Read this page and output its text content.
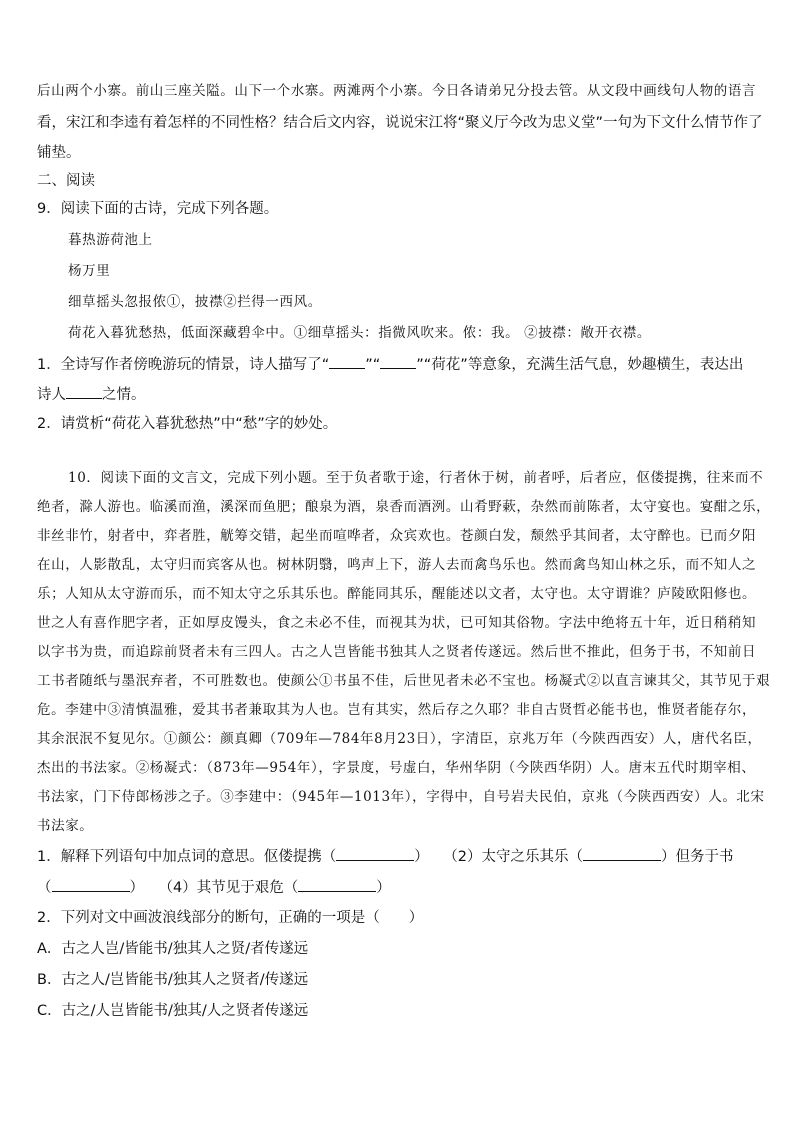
后山两个小寨。前山三座关隘。山下一个水寨。两滩两个小寨。今日各请弟兄分投去管。从文段中画线句人物的语言
看，宋江和李逵有着怎样的不同性格？结合后文内容，说说宋江将“聚义厅今改为忠义堂”一句为下文什么情节作了
铺垫。
二、阅读
9．阅读下面的古诗，完成下列各题。
暮热游荷池上
杨万里
细草摇头忽报侬①，披襟②拦得一西风。
荷花入暮犹愁热，低面深藏碧伞中。①细草摇头：指微风吹来。侬：我。 ②披襟：敞开衣襟。
1．全诗写作者傍晚游玩的情景，诗人描写了“ ”“ ”“荷花”等意象，充满生活气息，妙趣横生，表达出
诗人 之情。
2．请赏析“荷花入暮犹愁热”中“愁”字的妙处。
10．阅读下面的文言文，完成下列小题。至于负者歌于途，行者休于树，前者呼，后者应，伛偻提携，往来而不
绝者，滁人游也。临溪而渔，溪深而鱼肥；酿泉为酒，泉香而酒洌。山肴野蔌，杂然而前陈者，太守宴也。宴酣之乐，
非丝非竹，射者中，弈者胜，觥筹交错，起坐而喧哗者，众宾欢也。苍颜白发，颓然乎其间者，太守醉也。已而夕阳
在山，人影散乱，太守归而宾客从也。树林阴翳，鸣声上下，游人去而禽鸟乐也。然而禽鸟知山林之乐，而不知人之
乐；人知从太守游而乐，而不知太守之乐其乐也。醉能同其乐，醒能述以文者，太守也。太守谓谁？庐陵欧阳修也。
世之人有喜作肥字者，正如厚皮馒头，食之未必不佳，而视其为状，已可知其俗物。字法中绝将五十年，近日稍稍知
以字书为贵，而追踪前贤者未有三四人。古之人岂皆能书独其人之贤者传遂远。然后世不推此，但务于书，不知前日
工书者随纸与墨泯弃者，不可胜数也。使颜公①书虽不佳，后世见者未必不宝也。杨凝式②以直言谏其父，其节见于艰
危。李建中③清慎温雅，爱其书者兼取其为人也。岂有其实，然后存之久耶？非自古贤哲必能书也，惟贤者能存尔，
其余泯泯不复见尔。①颜公：颜真卿（709年—784年8月23日），字清臣，京兆万年（今陕西西安）人，唐代名臣，
杰出的书法家。②杨凝式：（873年—954年），字景度，号虚白，华州华阴（今陕西华阴）人。唐末五代时期宰相、
书法家，门下侍郎杨涉之子。③李建中：（945年—1013年），字得中，自号岩夫民伯，京兆（今陕西西安）人。北宋
书法家。
1．解释下列语句中加点词的意思。伛偻提携（	）　　（2）太守之乐其乐（	）但务于书
（	）　　（4）其节见于艰危（	）
2．下列对文中画波浪线部分的断句，正确的一项是（　　）
A．古之人岂/皆能书/独其人之贤/者传遂远
B．古之人/岂皆能书/独其人之贤者/传遂远
C．古之/人岂皆能书/独其/人之贤者传遂远
